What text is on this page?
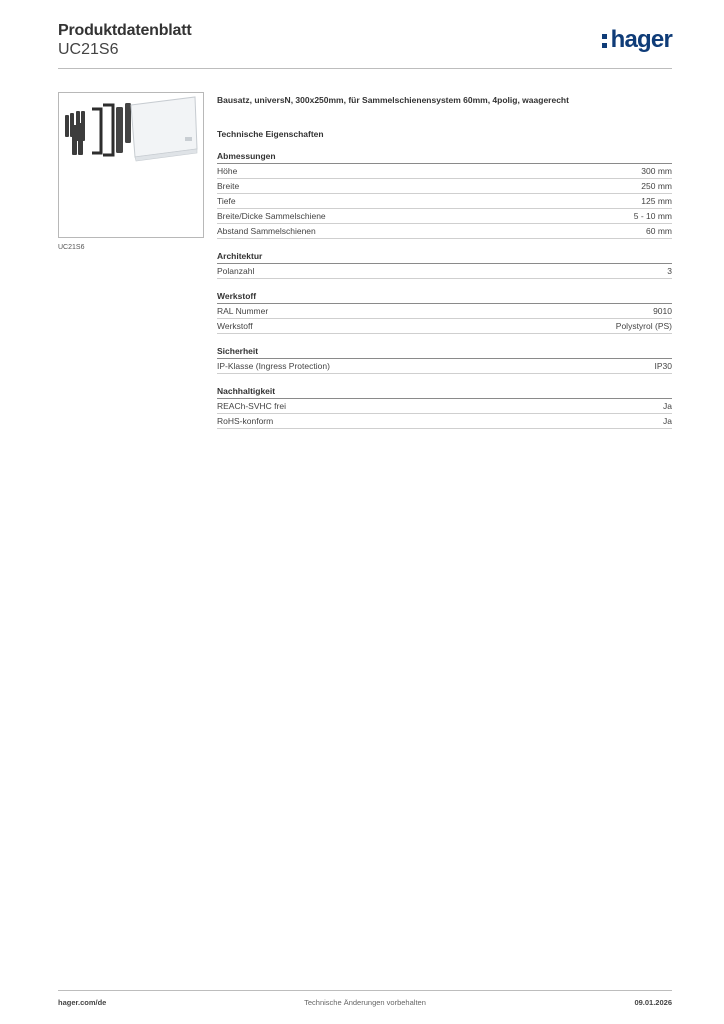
Produktdatenblatt
UC21S6	hager
UC21S6
Bausatz, universN, 300x250mm, für Sammelschienensystem 60mm, 4polig, waagerecht
Technische Eigenschaften
Abmessungen
Höhe	300 mm
Breite	250 mm
Tiefe	125 mm
Breite/Dicke Sammelschiene	5 - 10 mm
Abstand Sammelschienen	60 mm
Architektur
Polanzahl	3
Werkstoff
RAL Nummer	9010
Werkstoff	Polystyrol (PS)
Sicherheit
IP-Klasse (Ingress Protection)	IP30
Nachhaltigkeit
REACh-SVHC frei	Ja
RoHS-konform	Ja
hager.com/de	Technische Änderungen vorbehalten	09.01.2026
